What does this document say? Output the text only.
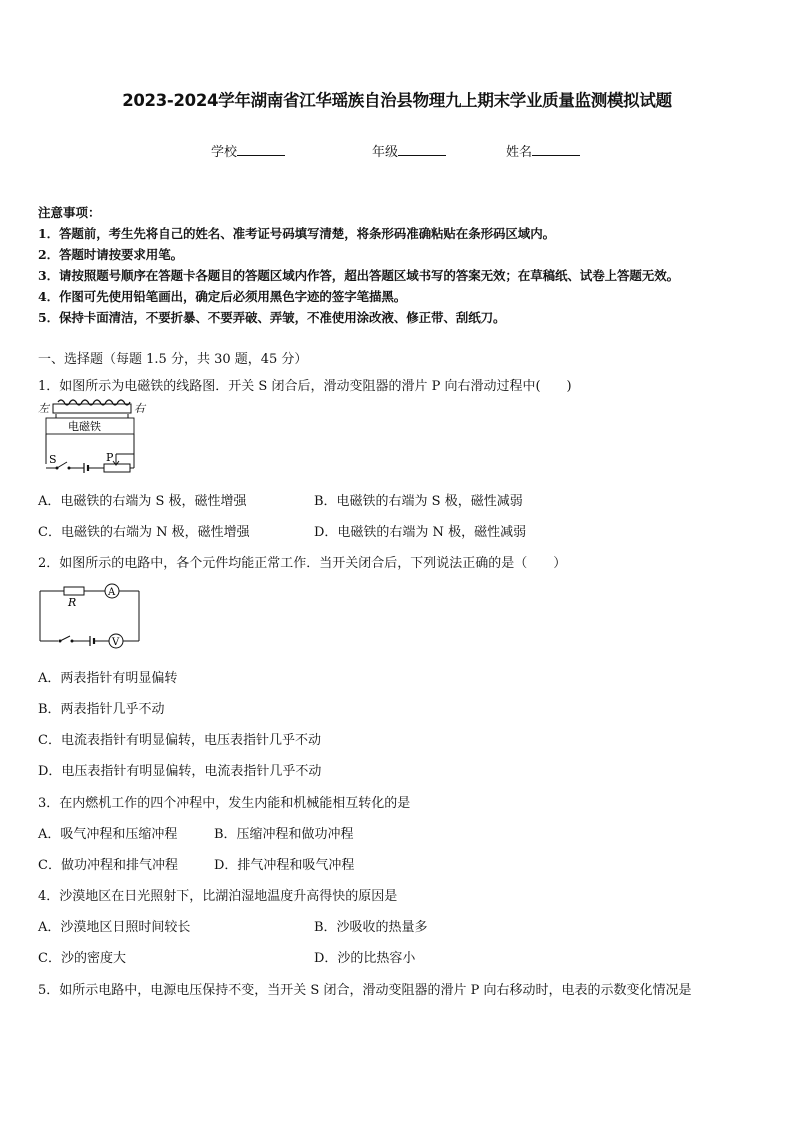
2023-2024学年湖南省江华瑶族自治县物理九上期末学业质量监测模拟试题
学校	年级	姓名
注意事项：
1．答题前，考生先将自己的姓名、准考证号码填写清楚，将条形码准确粘贴在条形码区域内。
2．答题时请按要求用笔。
3．请按照题号顺序在答题卡各题目的答题区域内作答，超出答题区域书写的答案无效；在草稿纸、试卷上答题无效。
4．作图可先使用铅笔画出，确定后必须用黑色字迹的签字笔描黑。
5．保持卡面清洁，不要折暴、不要弄破、弄皱，不准使用涂改液、修正带、刮纸刀。
一、选择题（每题 1.5 分，共 30 题，45 分）
1．如图所示为电磁铁的线路图．开关 S 闭合后，滑动变阻器的滑片 P 向右滑动过程中(　　)
左	右
电磁铁
S	P
A．电磁铁的右端为 S 极，磁性增强	B．电磁铁的右端为 S 极，磁性减弱
C．电磁铁的右端为 N 极，磁性增强	D．电磁铁的右端为 N 极，磁性减弱
2．如图所示的电路中，各个元件均能正常工作．当开关闭合后，下列说法正确的是（　　）
R
A
V
A．两表指针有明显偏转
B．两表指针几乎不动
C．电流表指针有明显偏转，电压表指针几乎不动
D．电压表指针有明显偏转，电流表指针几乎不动
3．在内燃机工作的四个冲程中，发生内能和机械能相互转化的是
A．吸气冲程和压缩冲程	B．压缩冲程和做功冲程
C．做功冲程和排气冲程	D．排气冲程和吸气冲程
4．沙漠地区在日光照射下，比湖泊湿地温度升高得快的原因是
A．沙漠地区日照时间较长	B．沙吸收的热量多
C．沙的密度大	D．沙的比热容小
5．如所示电路中，电源电压保持不变，当开关 S 闭合，滑动变阻器的滑片 P 向右移动时，电表的示数变化情况是
